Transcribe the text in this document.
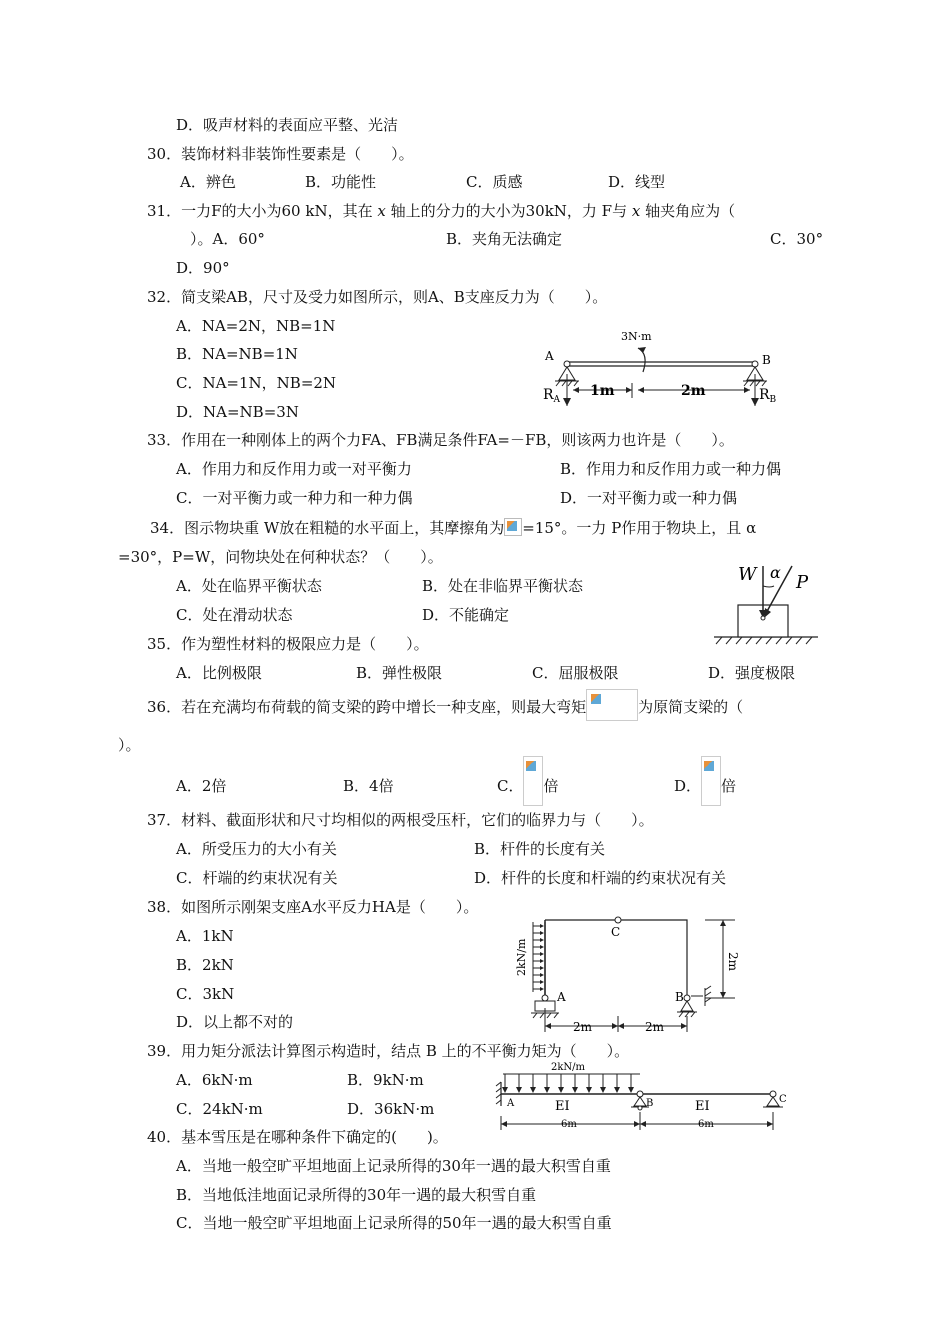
D．吸声材料的表面应平整、光洁
30．装饰材料非装饰性要素是（　　）。
A．辨色	B．功能性	C．质感	D．线型
31．一力F的大小为60 kN，其在 x 轴上的分力的大小为30kN，力 F与 x 轴夹角应为（
）。A．60°	B．夹角无法确定	C．30°
D．90°
32．简支梁AB，尺寸及受力如图所示，则A、B支座反力为（　　）。
A．NA=2N，NB=1N
B．NA=NB=1N
C．NA=1N，NB=2N
D．NA=NB=3N
3N·m
A	B
$R_A$	$R_B$
1m	2m
33．作用在一种刚体上的两个力FA、FB满足条件FA=－FB，则该两力也许是（　　）。
A．作用力和反作用力或一对平衡力	B．作用力和反作用力或一种力偶
C．一对平衡力或一种力和一种力偶	D．一对平衡力或一种力偶
34．图示物块重 W放在粗糙的水平面上，其摩擦角为 =15°。一力 P作用于物块上，且 α
=30°，P=W，问物块处在何种状态？（　　）。
A．处在临界平衡状态	B．处在非临界平衡状态
C．处在滑动状态	D．不能确定
W α P
35．作为塑性材料的极限应力是（　　）。
A．比例极限	B．弹性极限	C．屈服极限	D．强度极限
36．若在充满均布荷载的简支梁的跨中增长一种支座，则最大弯矩	为原简支梁的（
）。
A．2倍	B．4倍	C． 倍	D． 倍
37．材料、截面形状和尺寸均相似的两根受压杆，它们的临界力与（　　）。
A．所受压力的大小有关	B．杆件的长度有关
C．杆端的约束状况有关	D．杆件的长度和杆端的约束状况有关
38．如图所示刚架支座A水平反力HA是（　　）。
A．1kN
B．2kN
C．3kN
D．以上都不对的
2kN/m
C
A	B
2m
2m	2m
39．用力矩分派法计算图示构造时，结点 B 上的不平衡力矩为（　　）。
A．6kN·m	B．9kN·m
C．24kN·m	D．36kN·m
2kN/m
A	EI	B	EI	C
6m	6m
40．基本雪压是在哪种条件下确定的(　　)。
A．当地一般空旷平坦地面上记录所得的30年一遇的最大积雪自重
B．当地低洼地面记录所得的30年一遇的最大积雪自重
C．当地一般空旷平坦地面上记录所得的50年一遇的最大积雪自重
